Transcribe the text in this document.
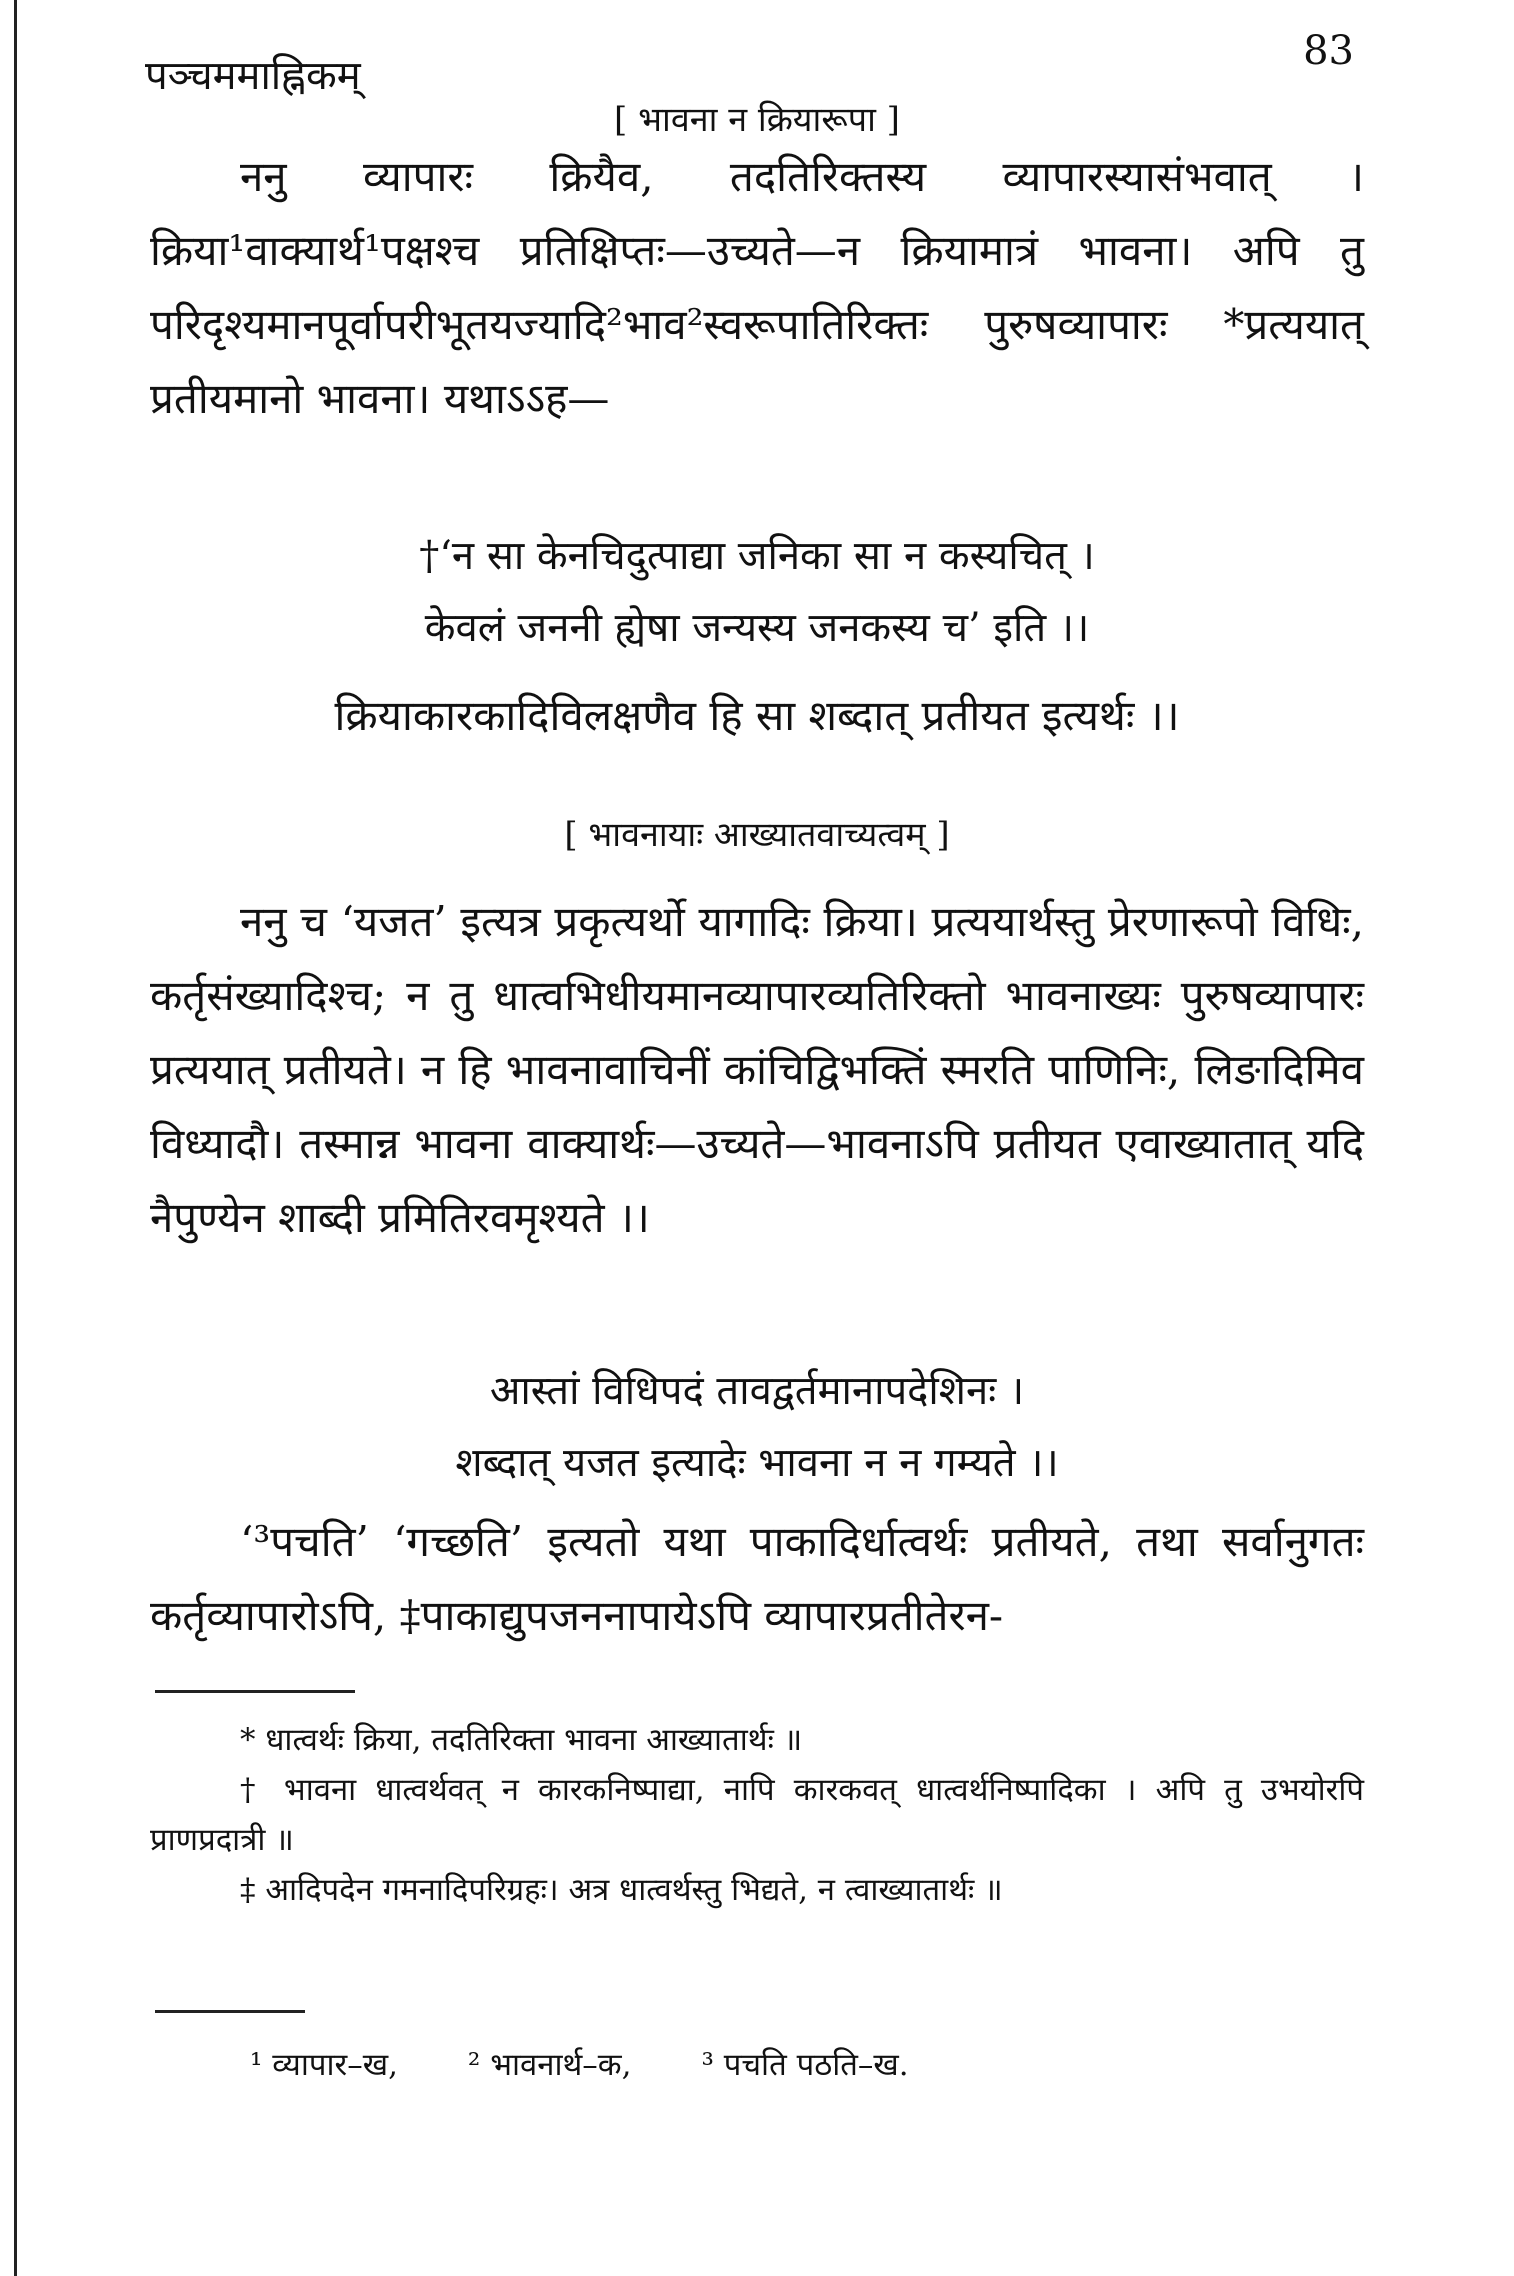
पञ्चममाह्निकम्
83
[ भावना न क्रियारूपा ]

ननु व्यापारः क्रियैव, तदतिरिक्तस्य व्यापारस्यासंभवात् । क्रिया¹वाक्यार्थ¹पक्षश्च प्रतिक्षिप्तः—उच्यते—न क्रियामात्रं भावना। अपि तु परिदृश्यमानपूर्वापरीभूतयज्यादि²भाव²स्वरूपातिरिक्तः पुरुषव्यापारः *प्रत्ययात् प्रतीयमानो भावना। यथाऽऽह—

†‘न सा केनचिदुत्पाद्या जनिका सा न कस्यचित् ।
केवलं जननी ह्येषा जन्यस्य जनकस्य च’ इति ।।
क्रियाकारकादिविलक्षणैव हि सा शब्दात् प्रतीयत इत्यर्थः ।।
[ भावनायाः आख्यातवाच्यत्वम् ]

ननु च ‘यजत’ इत्यत्र प्रकृत्यर्थो यागादिः क्रिया। प्रत्ययार्थस्तु प्रेरणारूपो विधिः, कर्तृसंख्यादिश्च; न तु धात्वभिधीयमानव्यापारव्यतिरिक्तो भावनाख्यः पुरुषव्यापारः प्रत्ययात् प्रतीयते। न हि भावनावाचिनीं कांचिद्विभक्तिं स्मरति पाणिनिः, लिङादिमिव विध्यादौ। तस्मान्न भावना वाक्यार्थः—उच्यते—भावनाऽपि प्रतीयत एवाख्यातात् यदि नैपुण्येन शाब्दी प्रमितिरवमृश्यते ।।

आस्तां विधिपदं तावद्वर्तमानापदेशिनः ।
शब्दात् यजत इत्यादेः भावना न न गम्यते ।।

‘³पचति’ ‘गच्छति’ इत्यतो यथा पाकादिर्धात्वर्थः प्रतीयते, तथा सर्वानुगतः कर्तृव्यापारोऽपि, ‡पाकाद्युपजननापायेऽपि व्यापारप्रतीतेरन-

* धात्वर्थः क्रिया, तदतिरिक्ता भावना आख्यातार्थः ॥
† भावना धात्वर्थवत् न कारकनिष्पाद्या, नापि कारकवत् धात्वर्थनिष्पादिका । अपि तु उभयोरपि प्राणप्रदात्री ॥
‡ आदिपदेन गमनादिपरिग्रहः। अत्र धात्वर्थस्तु भिद्यते, न त्वाख्यातार्थः ॥
¹ व्यापार–ख, ² भावनार्थ–क, ³ पचति पठति–ख.
